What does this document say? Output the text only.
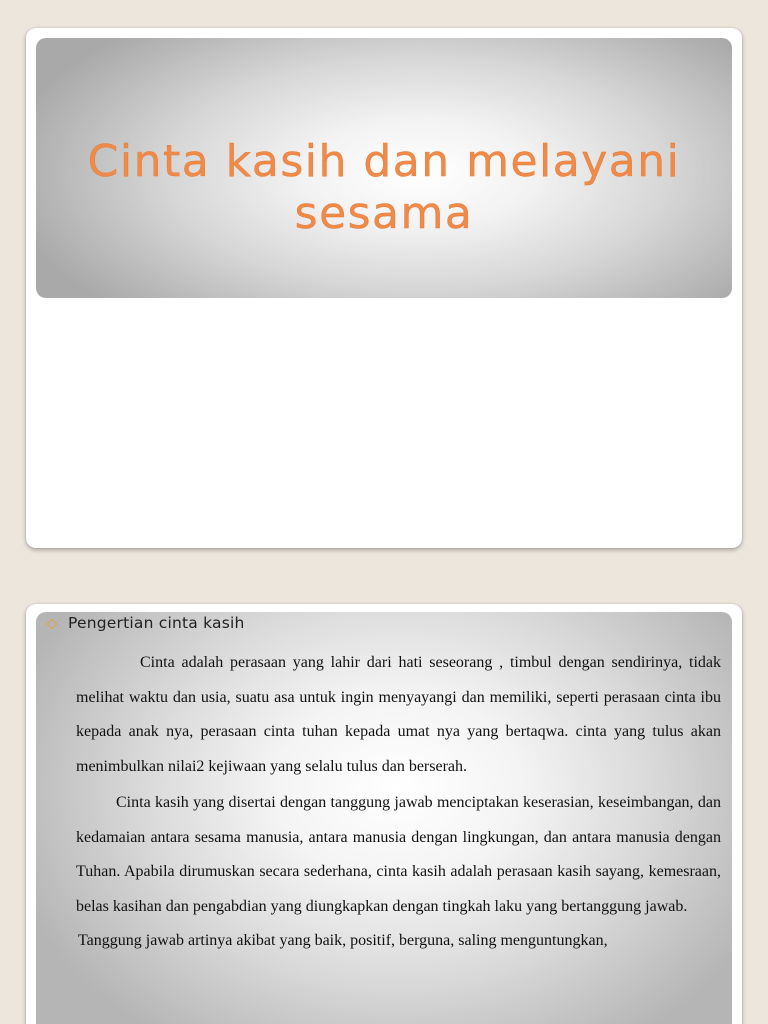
Cinta kasih dan melayani sesama
Pengertian cinta kasih

Cinta adalah perasaan yang lahir dari hati seseorang , timbul dengan sendirinya, tidak melihat waktu dan usia, suatu asa untuk ingin menyayangi dan memiliki, seperti perasaan cinta ibu kepada anak nya, perasaan cinta tuhan kepada umat nya yang bertaqwa. cinta yang tulus akan menimbulkan nilai2 kejiwaan yang selalu tulus dan berserah.

Cinta kasih yang disertai dengan tanggung jawab menciptakan keserasian, keseimbangan, dan kedamaian antara sesama manusia, antara manusia dengan lingkungan, dan antara manusia dengan Tuhan. Apabila dirumuskan secara sederhana, cinta kasih adalah perasaan kasih sayang, kemesraan, belas kasihan dan pengabdian yang diungkapkan dengan tingkah laku yang bertanggung jawab.

Tanggung jawab artinya akibat yang baik, positif, berguna, saling menguntungkan,
